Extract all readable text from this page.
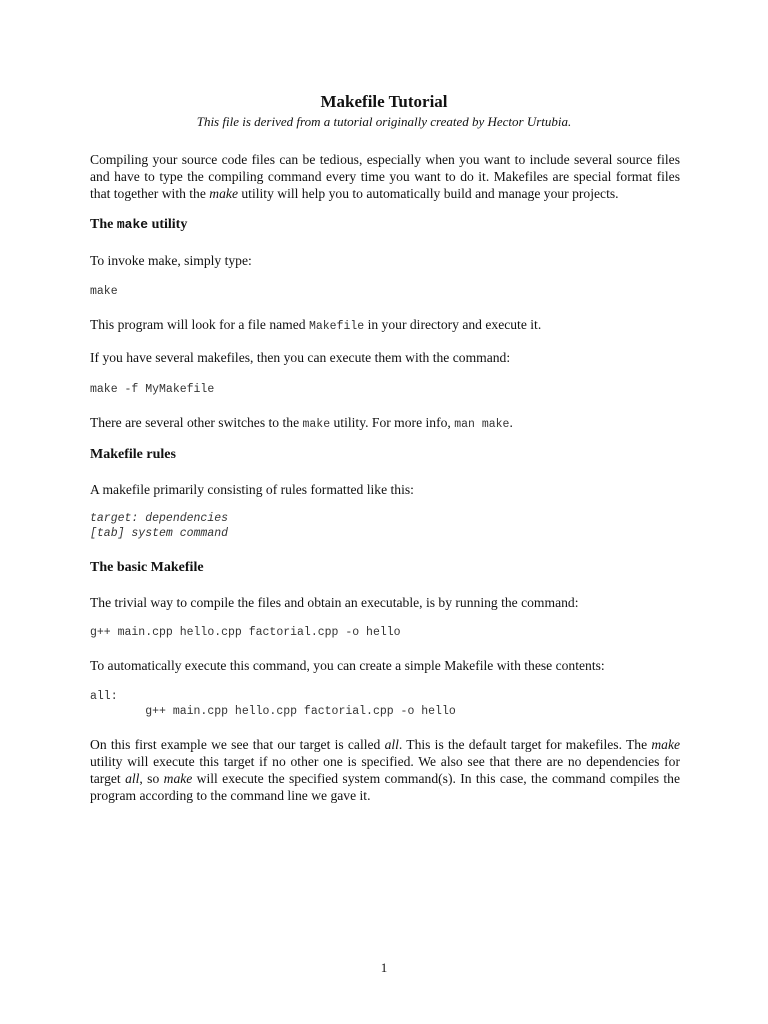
Makefile Tutorial
This file is derived from a tutorial originally created by Hector Urtubia.

Compiling your source code files can be tedious, especially when you want to include several source files and have to type the compiling command every time you want to do it. Makefiles are special format files that together with the make utility will help you to automatically build and manage your projects.

The make utility

To invoke make, simply type:

make

This program will look for a file named Makefile in your directory and execute it.

If you have several makefiles, then you can execute them with the command:

make -f MyMakefile

There are several other switches to the make utility. For more info, man make.

Makefile rules

A makefile primarily consisting of rules formatted like this:

target: dependencies
[tab] system command
The basic Makefile

The trivial way to compile the files and obtain an executable, is by running the command:

g++ main.cpp hello.cpp factorial.cpp -o hello

To automatically execute this command, you can create a simple Makefile with these contents:

all:
g++ main.cpp hello.cpp factorial.cpp -o hello

On this first example we see that our target is called all. This is the default target for makefiles. The make utility will execute this target if no other one is specified. We also see that there are no dependencies for target all, so make will execute the specified system command(s). In this case, the command compiles the program according to the command line we gave it.

1
